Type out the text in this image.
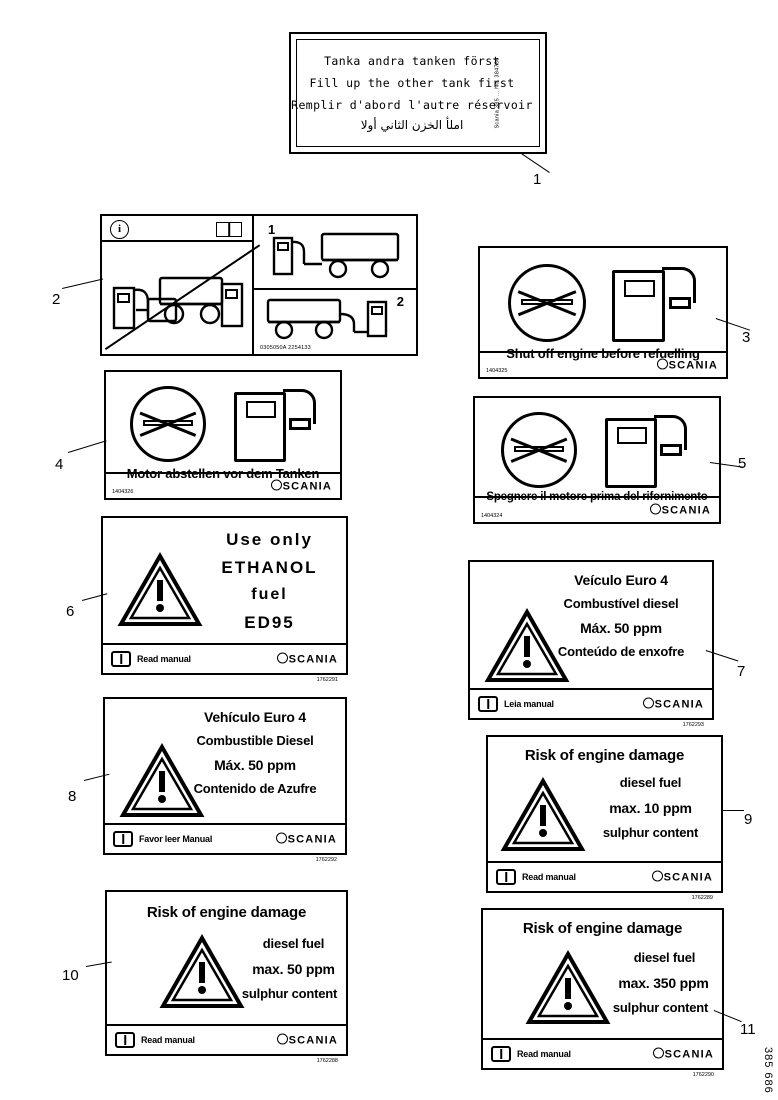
Tanka andra tanken först
Fill up the other tank first
Remplir d'abord l'autre réservoir
املأ الخزن الثاني أولا	Scania 385 ... No. 384786
1
i	1
2
0305050A 2254133
2
Shut off engine before refuelling
SCANIA
1404325
3
Motor abstellen vor dem Tanken
SCANIA
1404326
4
Spegnere il motore prima del rifornimento
SCANIA
1404324
5
Use only
ETHANOL
fuel
ED95
Read manual	SCANIA
1762291
6
Veículo Euro 4
Combustível diesel
Máx. 50 ppm
Conteúdo de enxofre
Leia manual	SCANIA
1762293
7
Vehículo Euro 4
Combustible Diesel
Máx. 50 ppm
Contenido de Azufre
Favor leer Manual	SCANIA
1762292
8
Risk of engine damage
diesel fuel
max. 10 ppm
sulphur content
Read manual	SCANIA
1762289
9
Risk of engine damage
diesel fuel
max. 50 ppm
sulphur content
Read manual	SCANIA
1762288
10
Risk of engine damage
diesel fuel
max. 350 ppm
sulphur content
Read manual	SCANIA
1762290
11
385 686
